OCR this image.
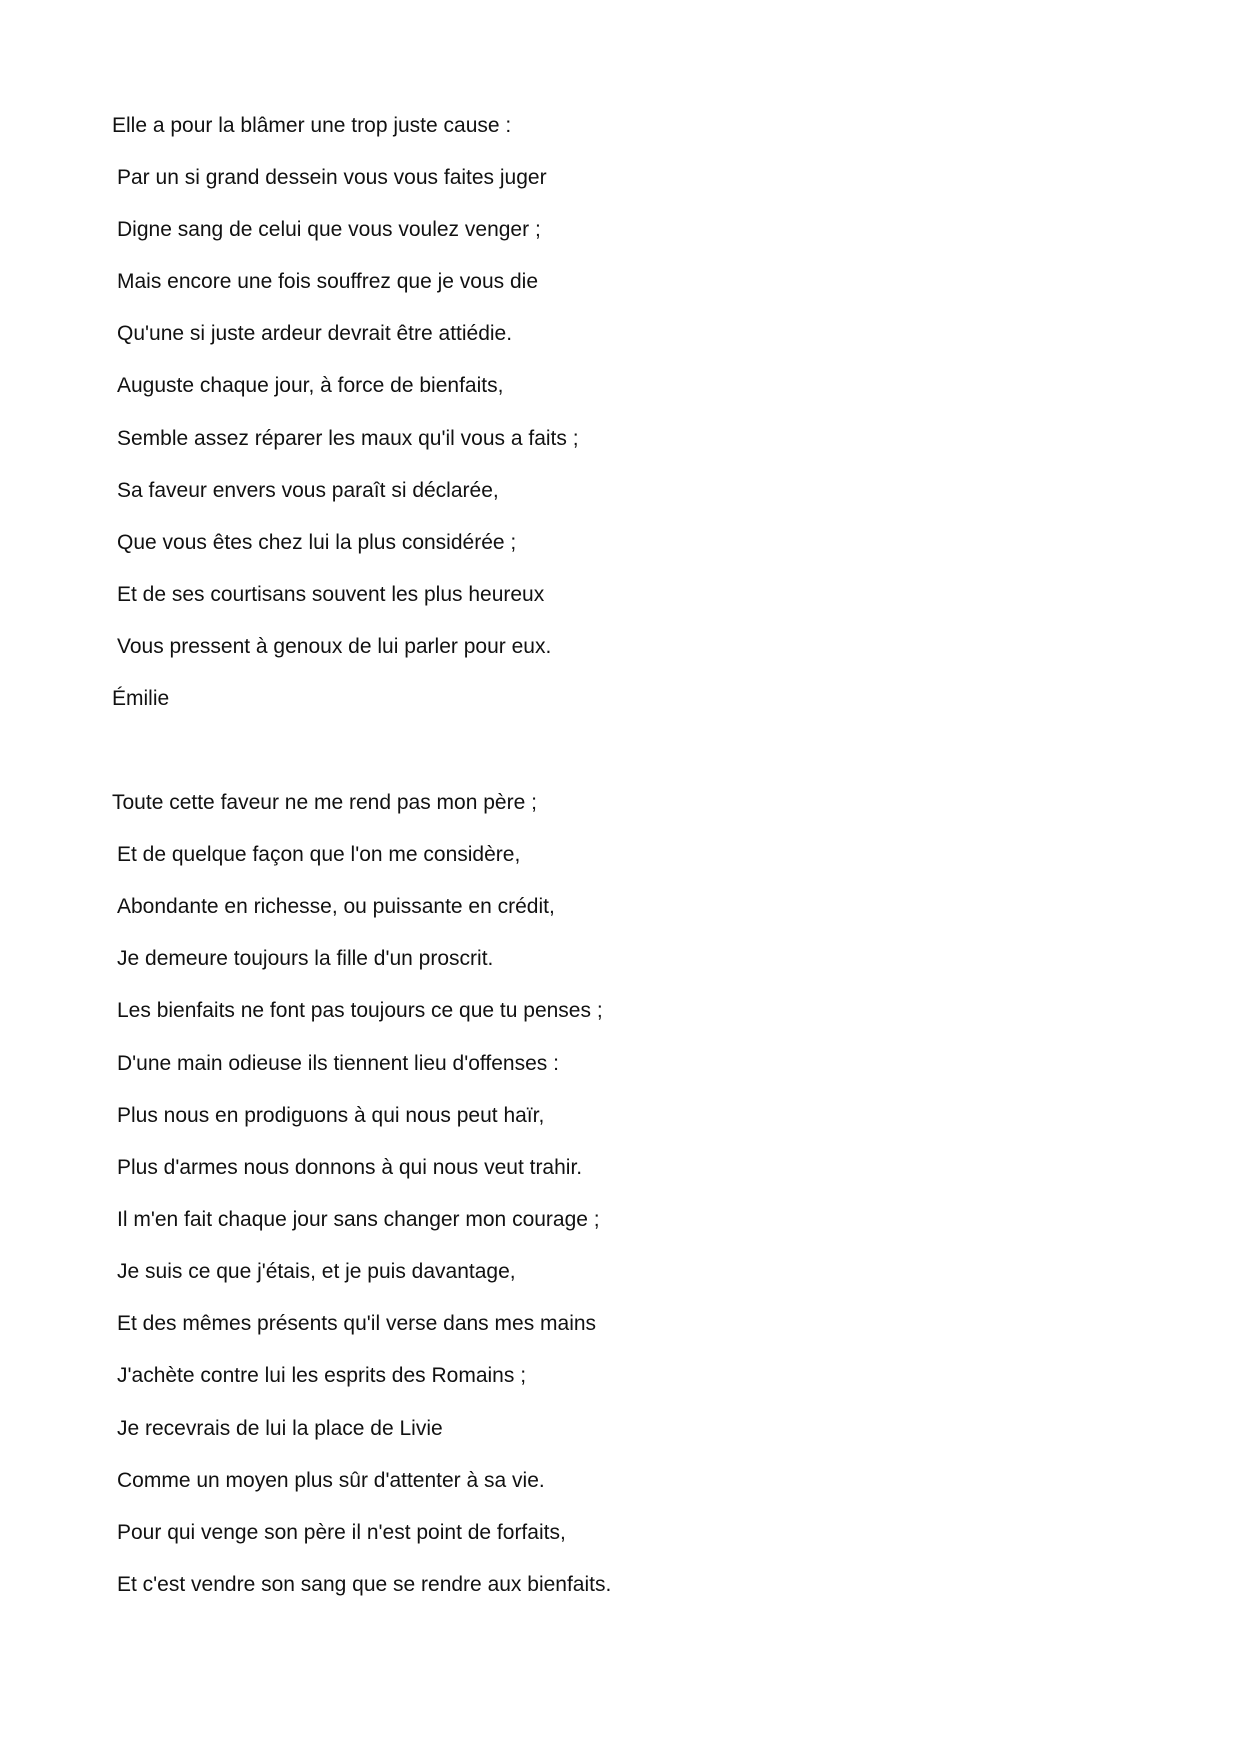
Elle a pour la blâmer une trop juste cause :
Par un si grand dessein vous vous faites juger
Digne sang de celui que vous voulez venger ;
Mais encore une fois souffrez que je vous die
Qu'une si juste ardeur devrait être attiédie.
Auguste chaque jour, à force de bienfaits,
Semble assez réparer les maux qu'il vous a faits ;
Sa faveur envers vous paraît si déclarée,
Que vous êtes chez lui la plus considérée ;
Et de ses courtisans souvent les plus heureux
Vous pressent à genoux de lui parler pour eux.
Émilie
Toute cette faveur ne me rend pas mon père ;
Et de quelque façon que l'on me considère,
Abondante en richesse, ou puissante en crédit,
Je demeure toujours la fille d'un proscrit.
Les bienfaits ne font pas toujours ce que tu penses ;
D'une main odieuse ils tiennent lieu d'offenses :
Plus nous en prodiguons à qui nous peut haïr,
Plus d'armes nous donnons à qui nous veut trahir.
Il m'en fait chaque jour sans changer mon courage ;
Je suis ce que j'étais, et je puis davantage,
Et des mêmes présents qu'il verse dans mes mains
J'achète contre lui les esprits des Romains ;
Je recevrais de lui la place de Livie
Comme un moyen plus sûr d'attenter à sa vie.
Pour qui venge son père il n'est point de forfaits,
Et c'est vendre son sang que se rendre aux bienfaits.
